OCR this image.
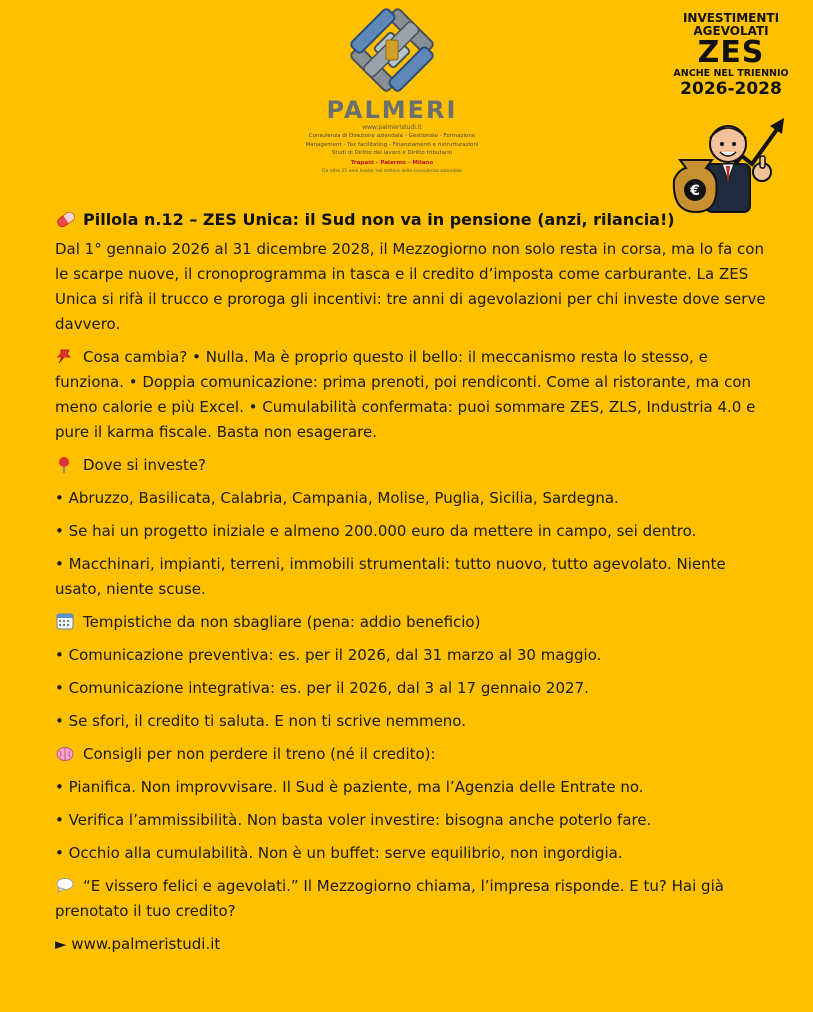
PALMERI
www.palmeristudi.it
Consulenza di Direzione aziendale - Gestionale - Formazione
Management - Tax facilitating - Finanziamenti e ristrutturazioni
Studi di Diritto del lavoro e Diritto tributario
Trapani – Palermo – Milano
Da oltre 25 anni leader nel settore della consulenza aziendale
INVESTIMENTI
AGEVOLATI
ZES
ANCHE NEL TRIENNIO
2026-2028
€
Pillola n.12 – ZES Unica: il Sud non va in pensione (anzi, rilancia!)

Dal 1° gennaio 2026 al 31 dicembre 2028, il Mezzogiorno non solo resta in corsa, ma lo fa con le scarpe nuove, il cronoprogramma in tasca e il credito d’imposta come carburante. La ZES Unica si rifà il trucco e proroga gli incentivi: tre anni di agevolazioni per chi investe dove serve davvero.

Cosa cambia? • Nulla. Ma è proprio questo il bello: il meccanismo resta lo stesso, e funziona. • Doppia comunicazione: prima prenoti, poi rendiconti. Come al ristorante, ma con meno calorie e più Excel. • Cumulabilità confermata: puoi sommare ZES, ZLS, Industria 4.0 e pure il karma fiscale. Basta non esagerare.

Dove si investe?

• Abruzzo, Basilicata, Calabria, Campania, Molise, Puglia, Sicilia, Sardegna.

• Se hai un progetto iniziale e almeno 200.000 euro da mettere in campo, sei dentro.

• Macchinari, impianti, terreni, immobili strumentali: tutto nuovo, tutto agevolato. Niente usato, niente scuse.

Tempistiche da non sbagliare (pena: addio beneficio)

• Comunicazione preventiva: es. per il 2026, dal 31 marzo al 30 maggio.

• Comunicazione integrativa: es. per il 2026, dal 3 al 17 gennaio 2027.

• Se sfori, il credito ti saluta. E non ti scrive nemmeno.

Consigli per non perdere il treno (né il credito):

• Pianifica. Non improvvisare. Il Sud è paziente, ma l’Agenzia delle Entrate no.

• Verifica l’ammissibilità. Non basta voler investire: bisogna anche poterlo fare.

• Occhio alla cumulabilità. Non è un buffet: serve equilibrio, non ingordigia.

“E vissero felici e agevolati.” Il Mezzogiorno chiama, l’impresa risponde. E tu? Hai già prenotato il tuo credito?

► www.palmeristudi.it
